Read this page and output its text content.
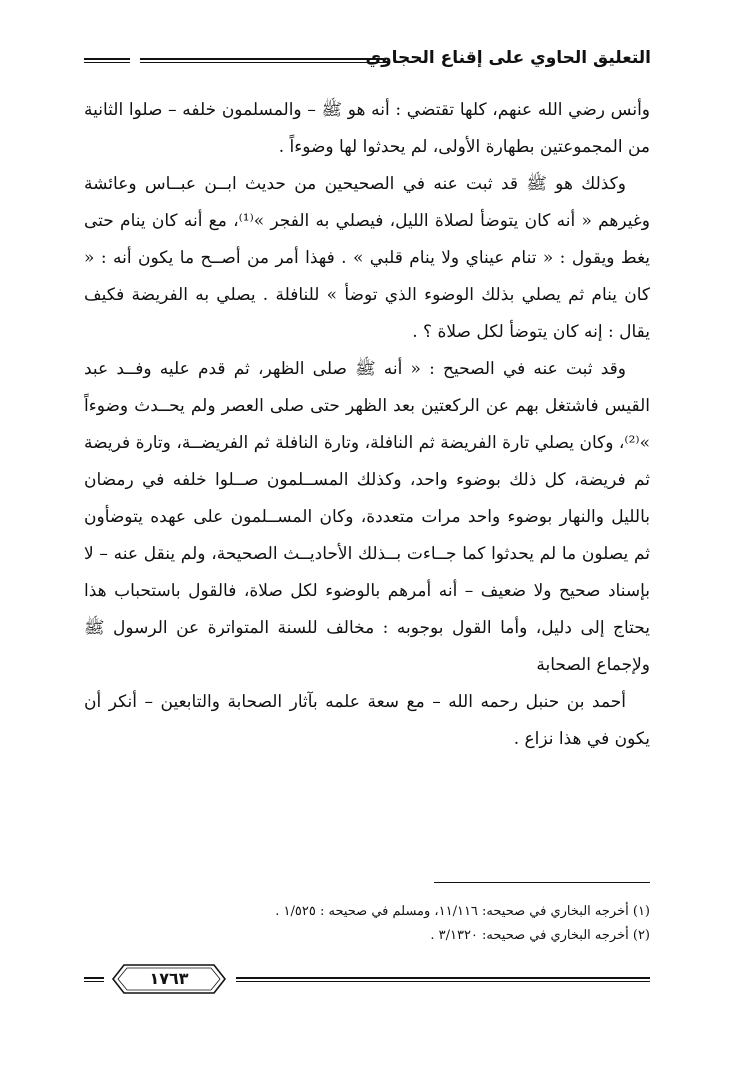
التعليق الحاوي على إقناع الحجاوي

وأنس رضي الله عنهم، كلها تقتضي : أنه هو ﷺ – والمسلمون خلفه – صلوا الثانية من المجموعتين بطهارة الأولى، لم يحدثوا لها وضوءاً .

وكذلك هو ﷺ قد ثبت عنه في الصحيحين من حديث ابــن عبــاس وعائشة وغيرهم « أنه كان يتوضأ لصلاة الليل، فيصلي به الفجر »⁽¹⁾، مع أنه كان ينام حتى يغط ويقول : « تنام عيناي ولا ينام قلبي » . فهذا أمر من أصــح ما يكون أنه : « كان ينام ثم يصلي بذلك الوضوء الذي توضأ » للنافلة . يصلي به الفريضة فكيف يقال : إنه كان يتوضأ لكل صلاة ؟ .

وقد ثبت عنه في الصحيح : « أنه ﷺ صلى الظهر، ثم قدم عليه وفــد عبد القيس فاشتغل بهم عن الركعتين بعد الظهر حتى صلى العصر ولم يحــدث وضوءاً »⁽²⁾، وكان يصلي تارة الفريضة ثم النافلة، وتارة النافلة ثم الفريضــة، وتارة فريضة ثم فريضة، كل ذلك بوضوء واحد، وكذلك المســلمون صــلوا خلفه في رمضان بالليل والنهار بوضوء واحد مرات متعددة، وكان المســلمون على عهده يتوضأون ثم يصلون ما لم يحدثوا كما جــاءت بــذلك الأحاديــث الصحيحة، ولم ينقل عنه – لا بإسناد صحيح ولا ضعيف – أنه أمرهم بالوضوء لكل صلاة، فالقول باستحباب هذا يحتاج إلى دليل، وأما القول بوجوبه : مخالف للسنة المتواترة عن الرسول ﷺ ولإجماع الصحابة

أحمد بن حنبل رحمه الله – مع سعة علمه بآثار الصحابة والتابعين – أنكر أن يكون في هذا نزاع .

(١) أخرجه البخاري في صحيحه: ١١/١١٦، ومسلم في صحيحه : ١/٥٢٥ .
(٢) أخرجه البخاري في صحيحه: ٣/١٣٢٠ .
١٧٦٣
